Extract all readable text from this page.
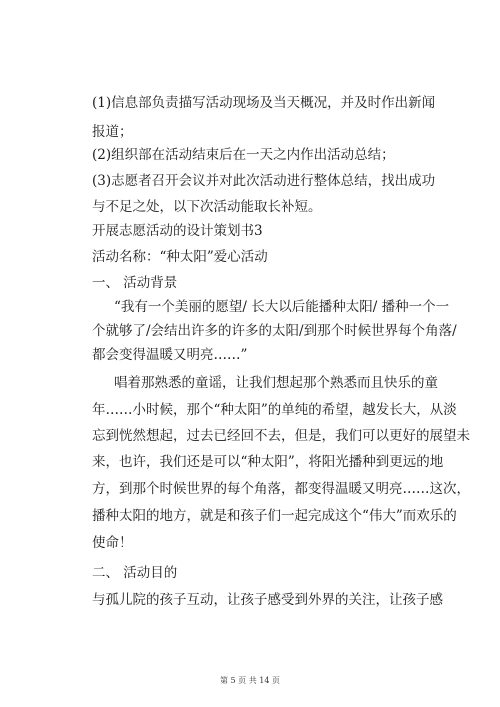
(1)信息部负责描写活动现场及当天概况，并及时作出新闻
报道；
(2)组织部在活动结束后在一天之内作出活动总结；
(3)志愿者召开会议并对此次活动进行整体总结，找出成功
与不足之处，以下次活动能取长补短。
开展志愿活动的设计策划书3
活动名称：“种太阳”爱心活动
一、 活动背景
“我有一个美丽的愿望/ 长大以后能播种太阳/ 播种一个一
个就够了/会结出许多的许多的太阳/到那个时候世界每个角落/
都会变得温暖又明亮……”
唱着那熟悉的童谣，让我们想起那个熟悉而且快乐的童
年……小时候，那个“种太阳”的单纯的希望，越发长大，从淡
忘到恍然想起，过去已经回不去，但是，我们可以更好的展望未
来，也许，我们还是可以“种太阳”，将阳光播种到更远的地
方，到那个时候世界的每个角落，都变得温暖又明亮……这次，
播种太阳的地方，就是和孩子们一起完成这个“伟大”而欢乐的
使命！
二、 活动目的
与孤儿院的孩子互动，让孩子感受到外界的关注，让孩子感
第 5 页 共 14 页
